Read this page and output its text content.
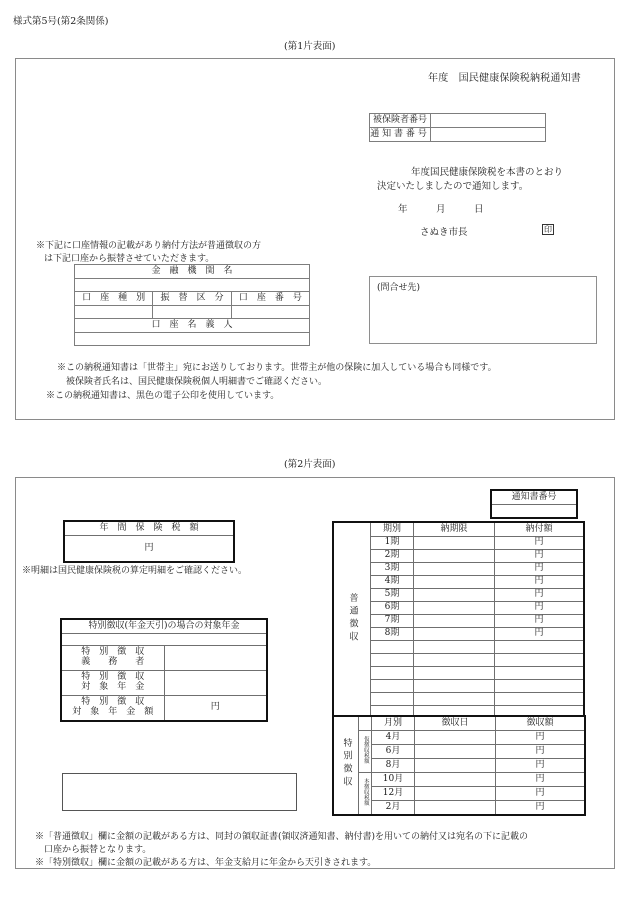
様式第5号(第2条関係)
(第1片表面)
年度　国民健康保険税納税通知書
被保険者番号	
通知書番号	
年度国民健康保険税を本書のとおり
決定いたしましたので通知します。
年　　　月　　　日
さぬき市長	印
(問合せ先)
※下記に口座情報の記載があり納付方法が普通徴収の方
は下記口座から振替させていただきます。
金　融　機　関　名		

口　座　種　別	振　替　区　分	口　座　番　号

口　座　名　義　人		

※この納税通知書は「世帯主」宛にお送りしております。世帯主が他の保険に加入している場合も同様です。
　被保険者氏名は、国民健康保険税個人明細書でご確認ください。
※この納税通知書は、黒色の電子公印を使用しています。
(第2片表面)
通知書番号

年　間　保　険　税　額
円
※明細は国民健康保険税の算定明細をご確認ください。
特別徴収(年金天引)の場合の対象年金	

特　別　徴　収
義　　務　　者	

特　別　徴　収
対　象　年　金	

特　別　徴　収
対　象　年　金　額	円
普通徴収	期別	納期限	納付額
	1期		円
	2期		円
	3期		円
	4期		円
	5期		円
	6期		円
	7期		円
	8期		円

特別徴収		月別	徴収日	徴収額
	仮徴収税額	4月		円
		6月		円
		8月		円
	本徴収税額	10月		円
		12月		円
		2月		円
※「普通徴収」欄に金額の記載がある方は、同封の領収証書(領収済通知書、納付書)を用いての納付又は宛名の下に記載の
　口座から振替となります。
※「特別徴収」欄に金額の記載がある方は、年金支給月に年金から天引きされます。
